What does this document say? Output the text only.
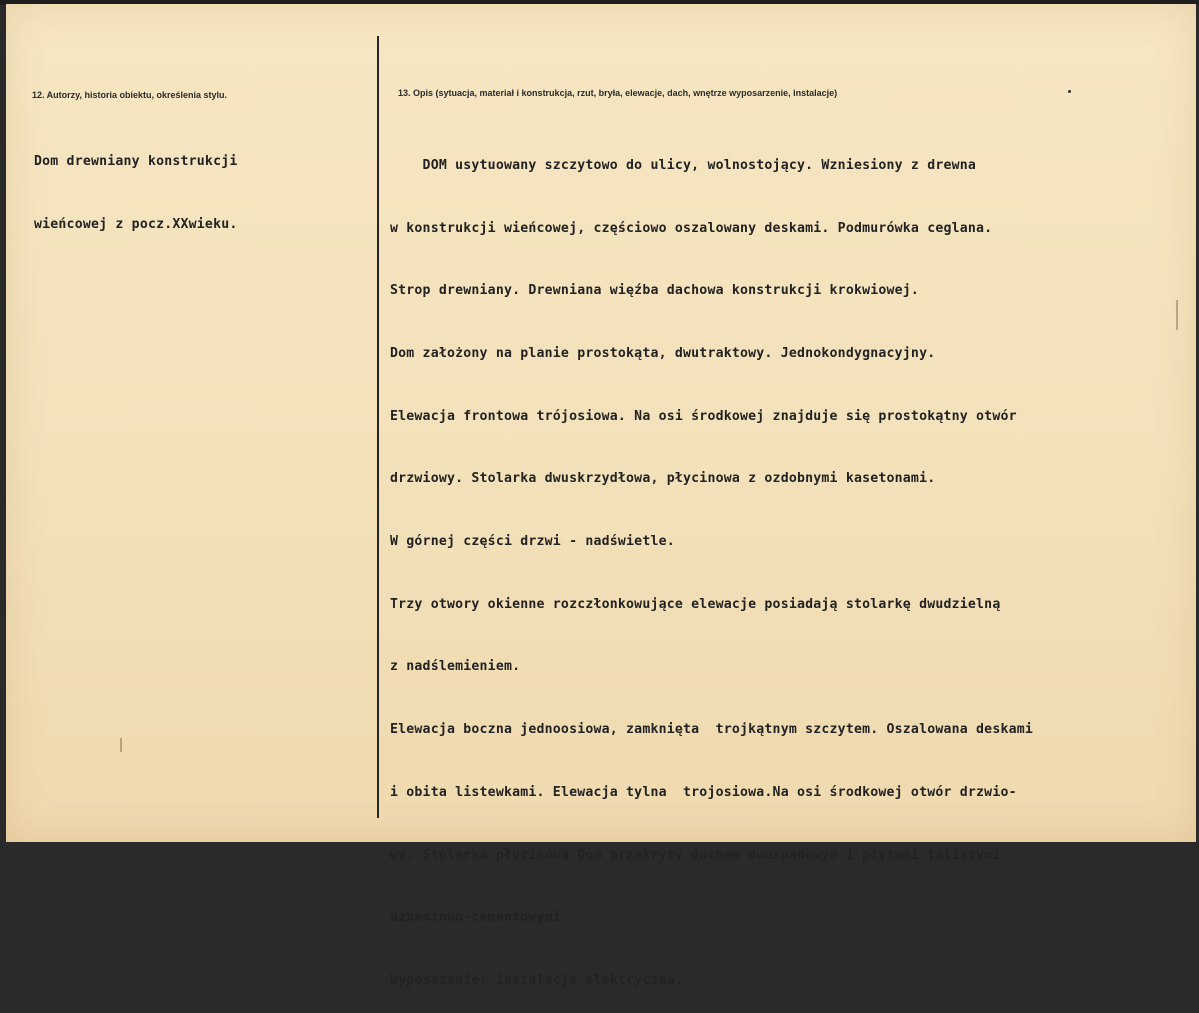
12. Autorzy, historia obiektu, określenia stylu.	13. Opis (sytuacja, materiał i konstrukcja, rzut, bryła, elewacje, dach, wnętrze wyposarzenie, instalacje)

Dom drewniany konstrukcji

wieńcowej z pocz.XXwieku.

DOM usytuowany szczytowo do ulicy, wolnostojący. Wzniesiony z drewna

w konstrukcji wieńcowej, częściowo oszalowany deskami. Podmurówka ceglana.

Strop drewniany. Drewniana więźba dachowa konstrukcji krokwiowej.

Dom założony na planie prostokąta, dwutraktowy. Jednokondygnacyjny.

Elewacja frontowa trójosiowa. Na osi środkowej znajduje się prostokątny otwór

drzwiowy. Stolarka dwuskrzydłowa, płycinowa z ozdobnymi kasetonami.

W górnej części drzwi - nadświetle.

Trzy otwory okienne rozczłonkowujące elewacje posiadają stolarkę dwudzielną

z nadślemieniem.

Elewacja boczna jednoosiowa, zamknięta  trojkątnym szczytem. Oszalowana deskami

i obita listewkami. Elewacja tylna  trojosiowa.Na osi środkowej otwór drzwio-

wy. Stolarka płycinowa.Dom przekryty dachem dwuspadowym i płytami falistymi

azbestowo-cementowymi.

Wyposażenie: instalacja elektryczna.
